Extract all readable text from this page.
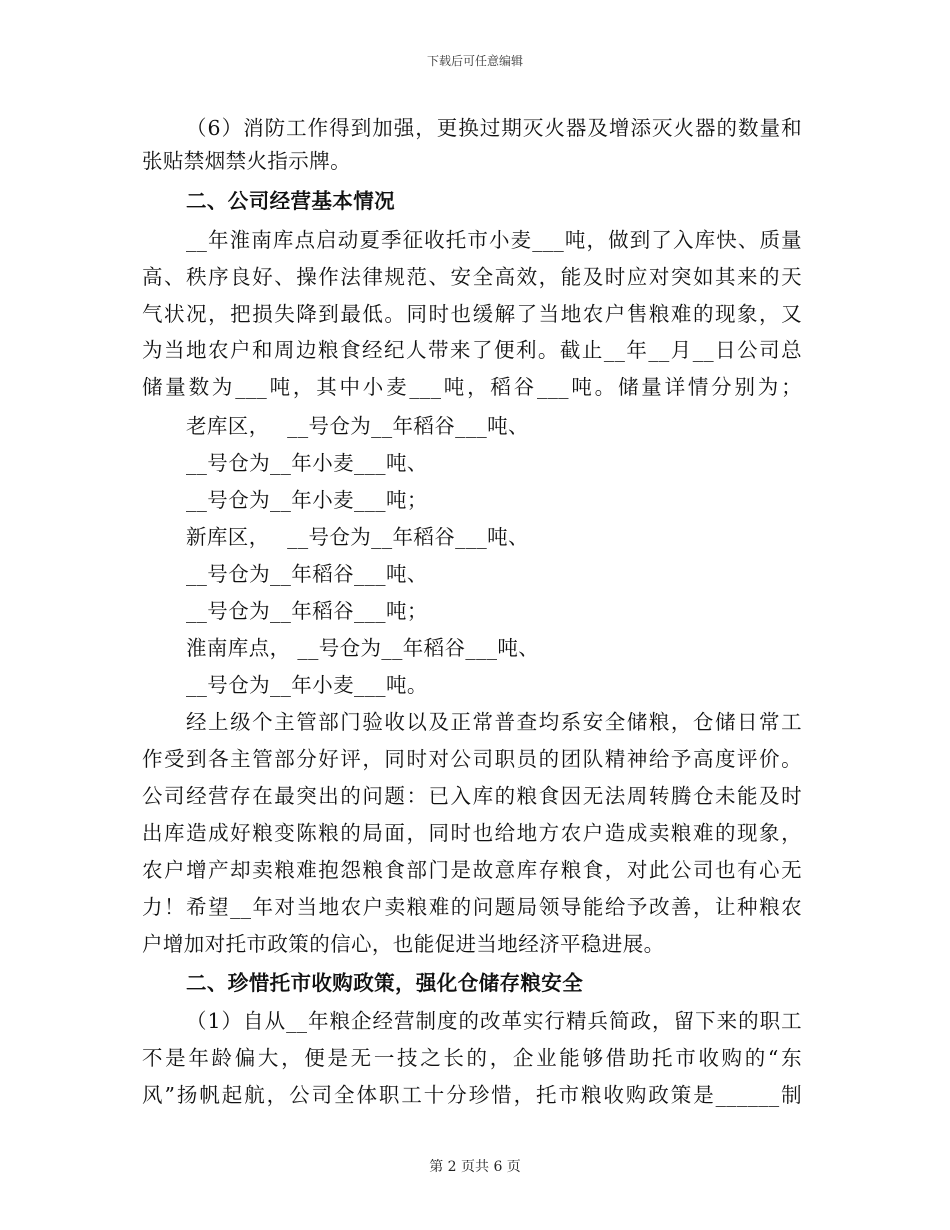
下载后可任意编辑
（6）消防工作得到加强，更换过期灭火器及增添灭火器的数量和
张贴禁烟禁火指示牌。
二、公司经营基本情况
__年淮南库点启动夏季征收托市小麦___吨，做到了入库快、质量
高、秩序良好、操作法律规范、安全高效，能及时应对突如其来的天
气状况，把损失降到最低。同时也缓解了当地农户售粮难的现象，又
为当地农户和周边粮食经纪人带来了便利。截止__年__月__日公司总
储量数为___吨，其中小麦___吨，稻谷___吨。储量详情分别为；
老库区，　 __号仓为__年稻谷___吨、
__号仓为__年小麦___吨、
__号仓为__年小麦___吨；
新库区，　 __号仓为__年稻谷___吨、
__号仓为__年稻谷___吨、
__号仓为__年稻谷___吨；
淮南库点， __号仓为__年稻谷___吨、
__号仓为__年小麦___吨。
经上级个主管部门验收以及正常普查均系安全储粮，仓储日常工
作受到各主管部分好评，同时对公司职员的团队精神给予高度评价。
公司经营存在最突出的问题：已入库的粮食因无法周转腾仓未能及时
出库造成好粮变陈粮的局面，同时也给地方农户造成卖粮难的现象，
农户增产却卖粮难抱怨粮食部门是故意库存粮食，对此公司也有心无
力！希望__年对当地农户卖粮难的问题局领导能给予改善，让种粮农
户增加对托市政策的信心，也能促进当地经济平稳进展。
二、珍惜托市收购政策，强化仓储存粮安全
（1）自从__年粮企经营制度的改革实行精兵简政，留下来的职工
不是年龄偏大，便是无一技之长的，企业能够借助托市收购的“东
风”扬帆起航，公司全体职工十分珍惜，托市粮收购政策是______制
第 2 页共 6 页
